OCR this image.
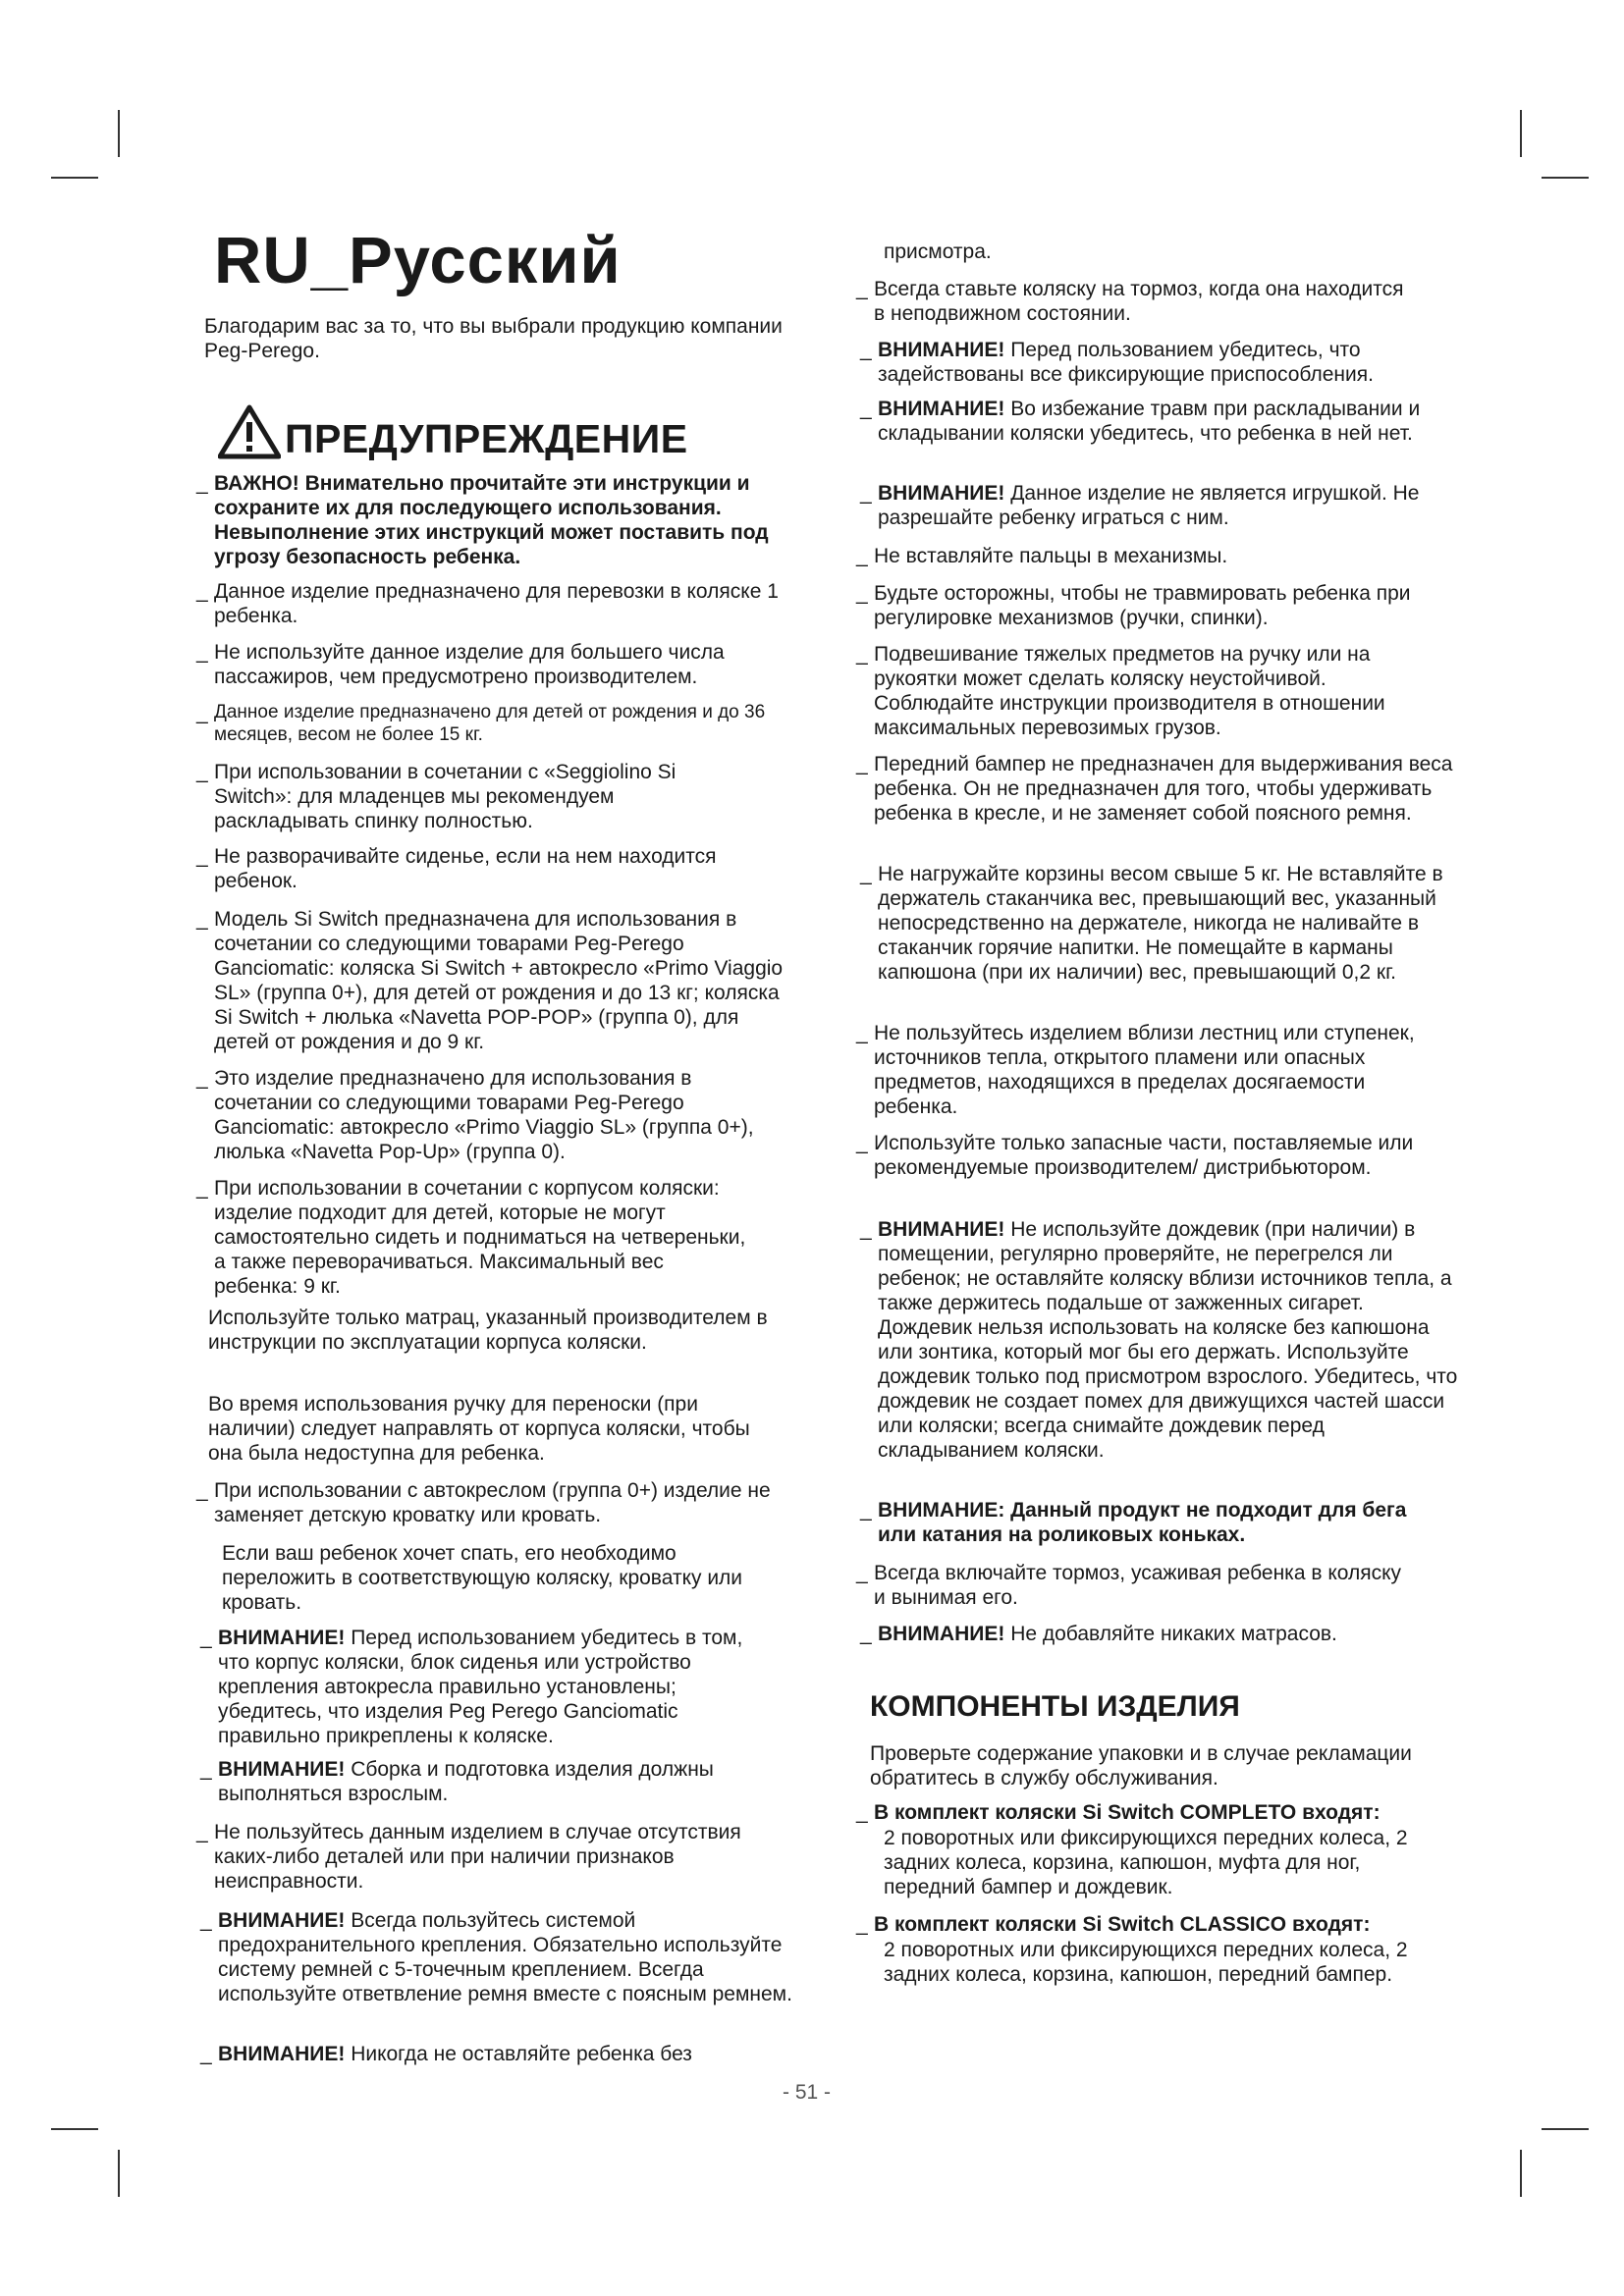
RU_Русский

Благодарим вас за то, что вы выбрали продукцию компании Peg-Perego.

ПРЕДУПРЕЖДЕНИЕ
_ ВАЖНО! Внимательно прочитайте эти инструкции и сохраните их для последующего использования. Невыполнение этих инструкций может поставить под угрозу безопасность ребенка.
_ Данное изделие предназначено для перевозки в коляске 1 ребенка.
_ Не используйте данное изделие для большего числа пассажиров, чем предусмотрено производителем.
_ Данное изделие предназначено для детей от рождения и до 36 месяцев, весом не более 15 кг.
_ При использовании в сочетании с «Seggiolino Si Switch»: для младенцев мы рекомендуем раскладывать спинку полностью.
_ Не разворачивайте сиденье, если на нем находится ребенок.
_ Модель Si Switch предназначена для использования в сочетании со следующими товарами Peg-Perego Ganciomatic: коляска Si Switch + автокресло «Primo Viaggio SL» (группа 0+), для детей от рождения и до 13 кг; коляска Si Switch + люлька «Navetta POP-POP» (группа 0), для детей от рождения и до 9 кг.
_ Это изделие предназначено для использования в сочетании со следующими товарами Peg-Perego Ganciomatic: автокресло «Primo Viaggio SL» (группа 0+), люлька «Navetta Pop-Up» (группа 0).
_ При использовании в сочетании с корпусом коляски: изделие подходит для детей, которые не могут самостоятельно сидеть и подниматься на четвереньки, а также переворачиваться. Максимальный вес ребенка: 9 кг.
Используйте только матрац, указанный производителем в инструкции по эксплуатации корпуса коляски.
Во время использования ручку для переноски (при наличии) следует направлять от корпуса коляски, чтобы она была недоступна для ребенка.
_ При использовании с автокреслом (группа 0+) изделие не заменяет детскую кроватку или кровать.
Если ваш ребенок хочет спать, его необходимо переложить в соответствующую коляску, кроватку или кровать.
_ ВНИМАНИЕ! Перед использованием убедитесь в том, что корпус коляски, блок сиденья или устройство крепления автокресла правильно установлены; убедитесь, что изделия Peg Perego Ganciomatic правильно прикреплены к коляске.
_ ВНИМАНИЕ! Сборка и подготовка изделия должны выполняться взрослым.
_ Не пользуйтесь данным изделием в случае отсутствия каких-либо деталей или при наличии признаков неисправности.
_ ВНИМАНИЕ! Всегда пользуйтесь системой предохранительного крепления. Обязательно используйте систему ремней с 5-точечным креплением. Всегда используйте ответвление ремня вместе с поясным ремнем.
_ ВНИМАНИЕ! Никогда не оставляйте ребенка без
присмотра.
_ Всегда ставьте коляску на тормоз, когда она находится в неподвижном состоянии.
_ ВНИМАНИЕ! Перед пользованием убедитесь, что задействованы все фиксирующие приспособления.
_ ВНИМАНИЕ! Во избежание травм при раскладывании и складывании коляски убедитесь, что ребенка в ней нет.
_ ВНИМАНИЕ! Данное изделие не является игрушкой. Не разрешайте ребенку играться с ним.
_ Не вставляйте пальцы в механизмы.
_ Будьте осторожны, чтобы не травмировать ребенка при регулировке механизмов (ручки, спинки).
_ Подвешивание тяжелых предметов на ручку или на рукоятки может сделать коляску неустойчивой. Соблюдайте инструкции производителя в отношении максимальных перевозимых грузов.
_ Передний бампер не предназначен для выдерживания веса ребенка. Он не предназначен для того, чтобы удерживать ребенка в кресле, и не заменяет собой поясного ремня.
_ Не нагружайте корзины весом свыше 5 кг. Не вставляйте в держатель стаканчика вес, превышающий вес, указанный непосредственно на держателе, никогда не наливайте в стаканчик горячие напитки. Не помещайте в карманы капюшона (при их наличии) вес, превышающий 0,2 кг.
_ Не пользуйтесь изделием вблизи лестниц или ступенек, источников тепла, открытого пламени или опасных предметов, находящихся в пределах досягаемости ребенка.
_ Используйте только запасные части, поставляемые или рекомендуемые производителем/ дистрибьютором.
_ ВНИМАНИЕ! Не используйте дождевик (при наличии) в помещении, регулярно проверяйте, не перегрелся ли ребенок; не оставляйте коляску вблизи источников тепла, а также держитесь подальше от зажженных сигарет. Дождевик нельзя использовать на коляске без капюшона или зонтика, который мог бы его держать. Используйте дождевик только под присмотром взрослого. Убедитесь, что дождевик не создает помех для движущихся частей шасси или коляски; всегда снимайте дождевик перед складыванием коляски.
_ ВНИМАНИЕ: Данный продукт не подходит для бега или катания на роликовых коньках.
_ Всегда включайте тормоз, усаживая ребенка в коляску и вынимая его.
_ ВНИМАНИЕ! Не добавляйте никаких матрасов.
КОМПОНЕНТЫ ИЗДЕЛИЯ
Проверьте содержание упаковки и в случае рекламации обратитесь в службу обслуживания.
_ В комплект коляски Si Switch COMPLETO входят:
2 поворотных или фиксирующихся передних колеса, 2 задних колеса, корзина, капюшон, муфта для ног, передний бампер и дождевик.
_ В комплект коляски Si Switch CLASSICO входят:
2 поворотных или фиксирующихся передних колеса, 2 задних колеса, корзина, капюшон, передний бампер.
- 51 -
